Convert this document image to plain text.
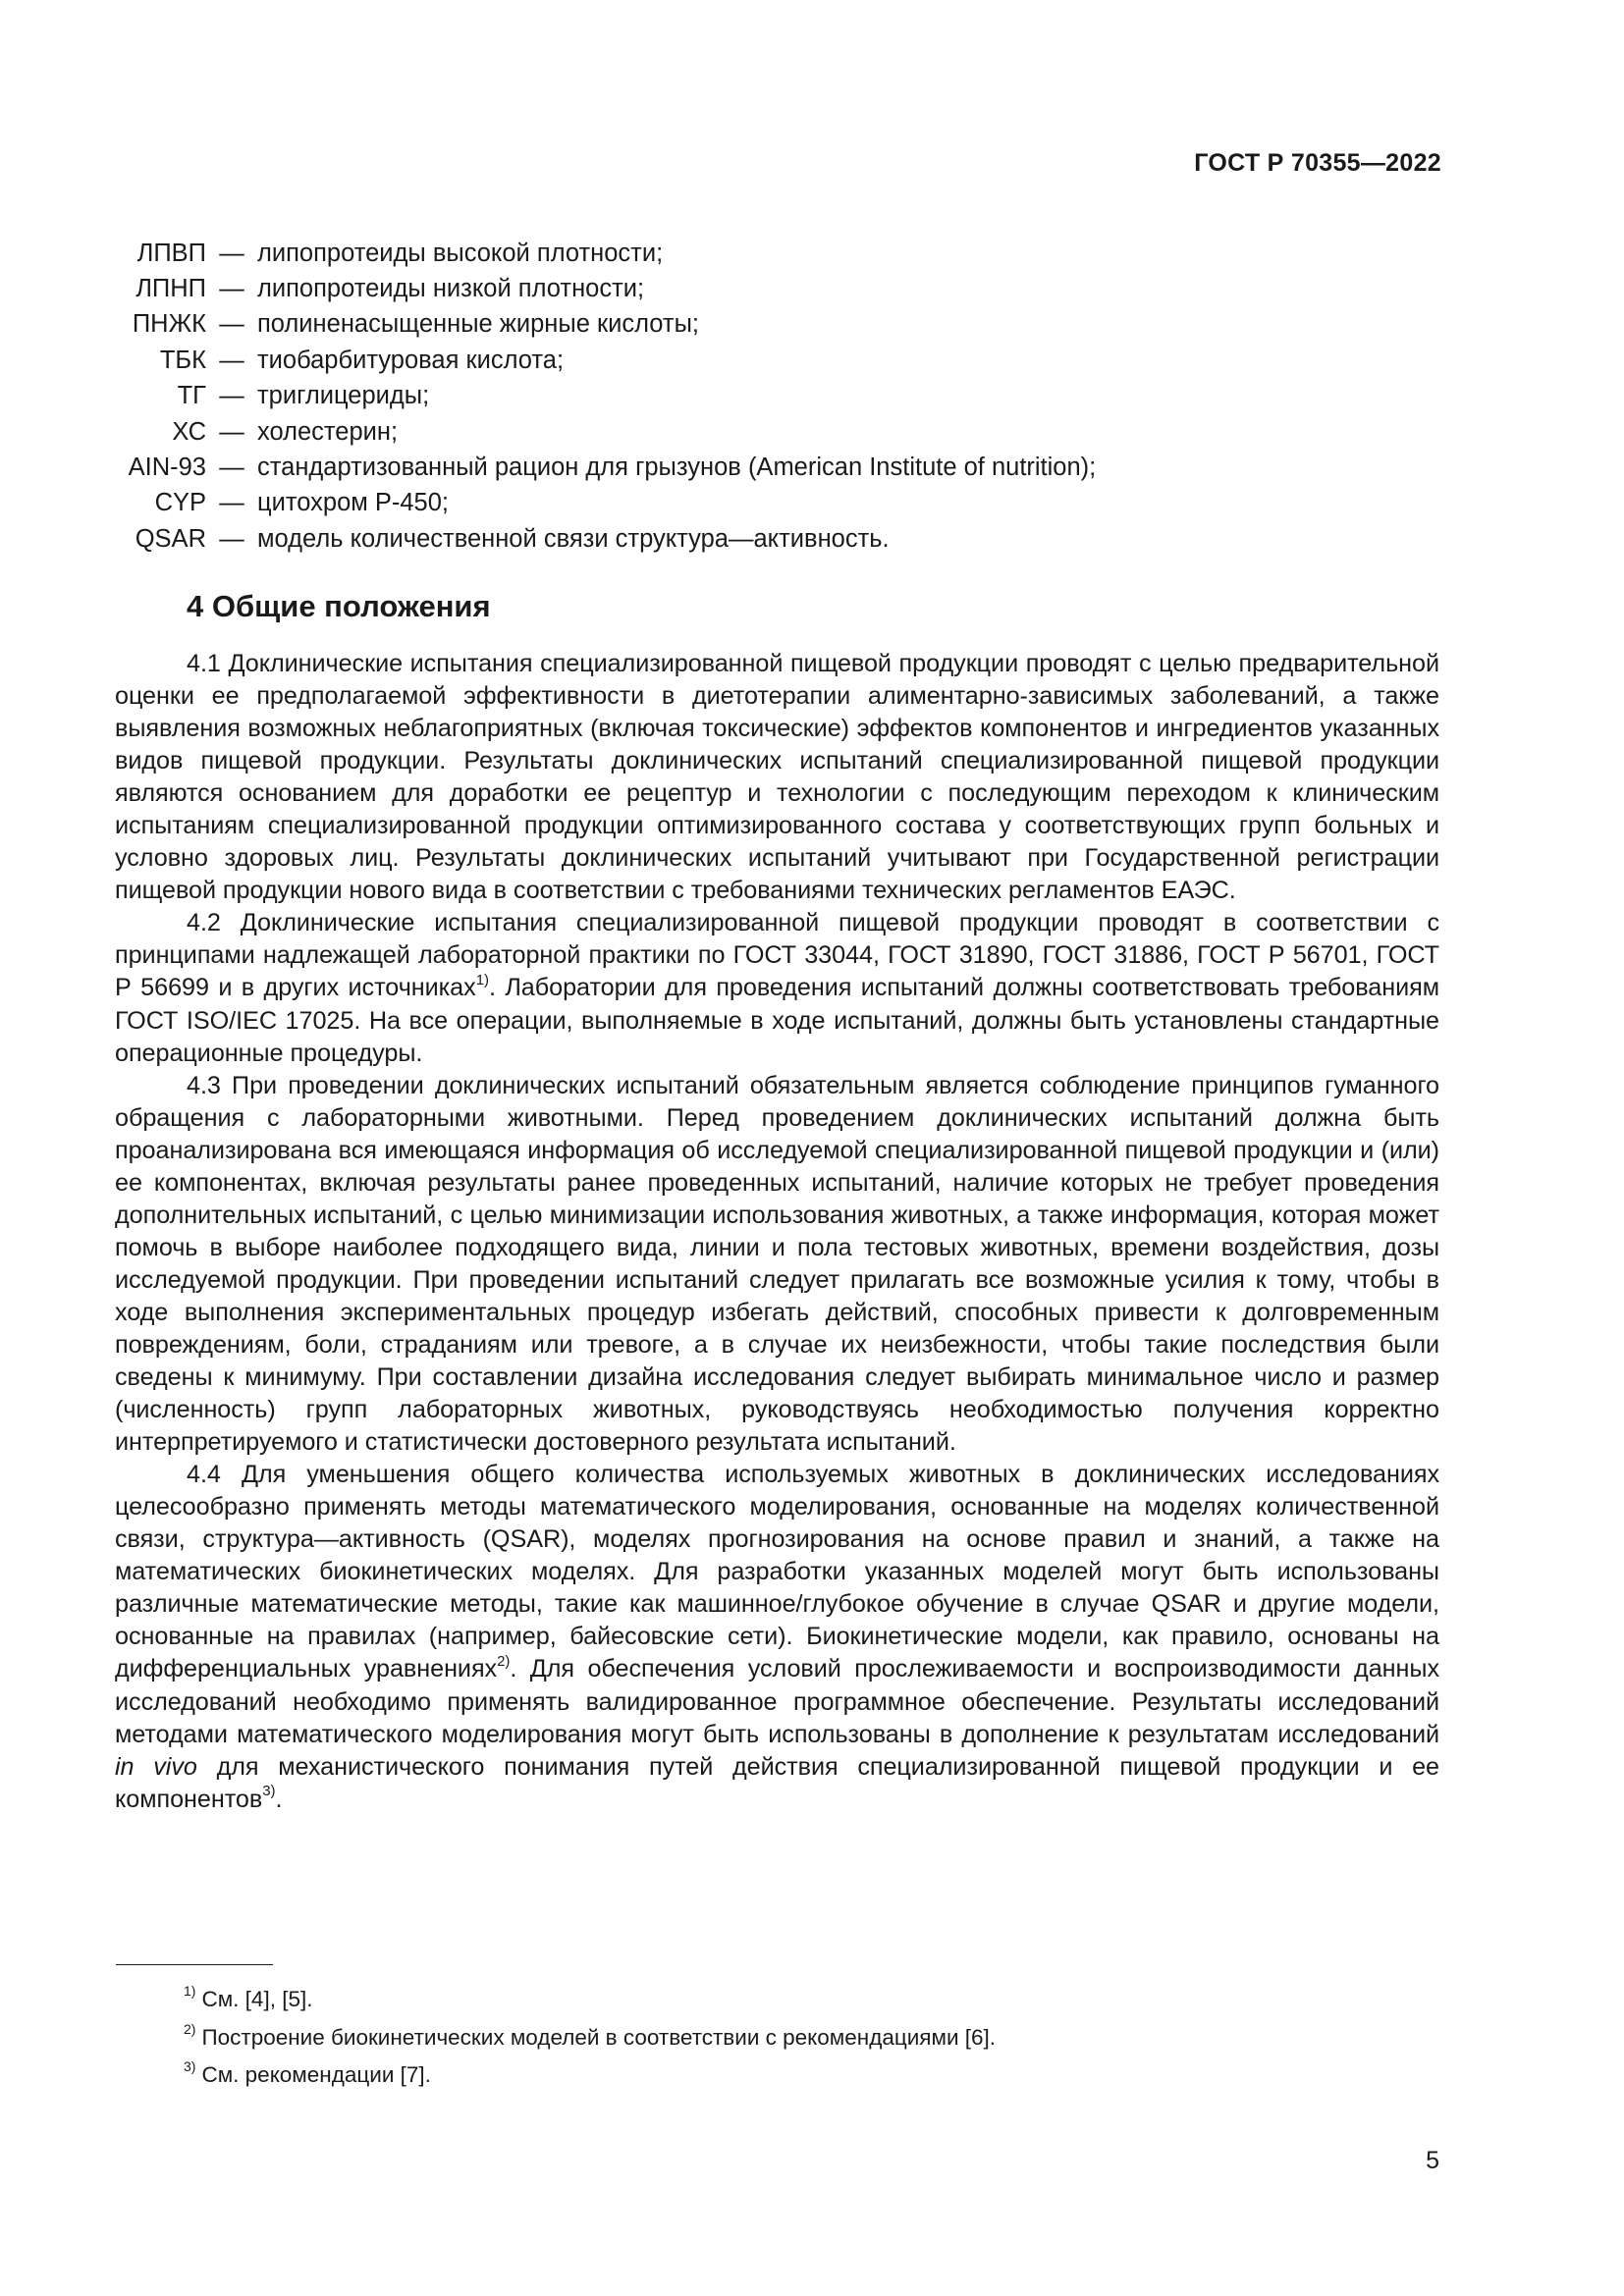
ГОСТ Р 70355—2022
ЛПВП — липопротеиды высокой плотности;
ЛПНП — липопротеиды низкой плотности;
ПНЖК — полиненасыщенные жирные кислоты;
ТБК — тиобарбитуровая кислота;
ТГ — триглицериды;
ХС — холестерин;
AIN-93 — стандартизованный рацион для грызунов (American Institute of nutrition);
CYP — цитохром Р-450;
QSAR — модель количественной связи структура—активность.
4 Общие положения

4.1 Доклинические испытания специализированной пищевой продукции проводят с целью предварительной оценки ее предполагаемой эффективности в диетотерапии алиментарно-зависимых заболеваний, а также выявления возможных неблагоприятных (включая токсические) эффектов компонентов и ингредиентов указанных видов пищевой продукции. Результаты доклинических испытаний специализированной пищевой продукции являются основанием для доработки ее рецептур и технологии с последующим переходом к клиническим испытаниям специализированной продукции оптимизированного состава у соответствующих групп больных и условно здоровых лиц. Результаты доклинических испытаний учитывают при Государственной регистрации пищевой продукции нового вида в соответствии с требованиями технических регламентов ЕАЭС.

4.2 Доклинические испытания специализированной пищевой продукции проводят в соответствии с принципами надлежащей лабораторной практики по ГОСТ 33044, ГОСТ 31890, ГОСТ 31886, ГОСТ Р 56701, ГОСТ Р 56699 и в других источниках$^{1)}$. Лаборатории для проведения испытаний должны соответствовать требованиям ГОСТ ISO/IEC 17025. На все операции, выполняемые в ходе испытаний, должны быть установлены стандартные операционные процедуры.

4.3 При проведении доклинических испытаний обязательным является соблюдение принципов гуманного обращения с лабораторными животными. Перед проведением доклинических испытаний должна быть проанализирована вся имеющаяся информация об исследуемой специализированной пищевой продукции и (или) ее компонентах, включая результаты ранее проведенных испытаний, наличие которых не требует проведения дополнительных испытаний, с целью минимизации использования животных, а также информация, которая может помочь в выборе наиболее подходящего вида, линии и пола тестовых животных, времени воздействия, дозы исследуемой продукции. При проведении испытаний следует прилагать все возможные усилия к тому, чтобы в ходе выполнения экспериментальных процедур избегать действий, способных привести к долговременным повреждениям, боли, страданиям или тревоге, а в случае их неизбежности, чтобы такие последствия были сведены к минимуму. При составлении дизайна исследования следует выбирать минимальное число и размер (численность) групп лабораторных животных, руководствуясь необходимостью получения корректно интерпретируемого и статистически достоверного результата испытаний.

4.4 Для уменьшения общего количества используемых животных в доклинических исследованиях целесообразно применять методы математического моделирования, основанные на моделях количественной связи, структура—активность (QSAR), моделях прогнозирования на основе правил и знаний, а также на математических биокинетических моделях. Для разработки указанных моделей могут быть использованы различные математические методы, такие как машинное/глубокое обучение в случае QSAR и другие модели, основанные на правилах (например, байесовские сети). Биокинетические модели, как правило, основаны на дифференциальных уравнениях$^{2)}$. Для обеспечения условий прослеживаемости и воспроизводимости данных исследований необходимо применять валидированное программное обеспечение. Результаты исследований методами математического моделирования могут быть использованы в дополнение к результатам исследований in vivo для механистического понимания путей действия специализированной пищевой продукции и ее компонентов$^{3)}$.

1) См. [4], [5].
2) Построение биокинетических моделей в соответствии с рекомендациями [6].
3) См. рекомендации [7].
5
